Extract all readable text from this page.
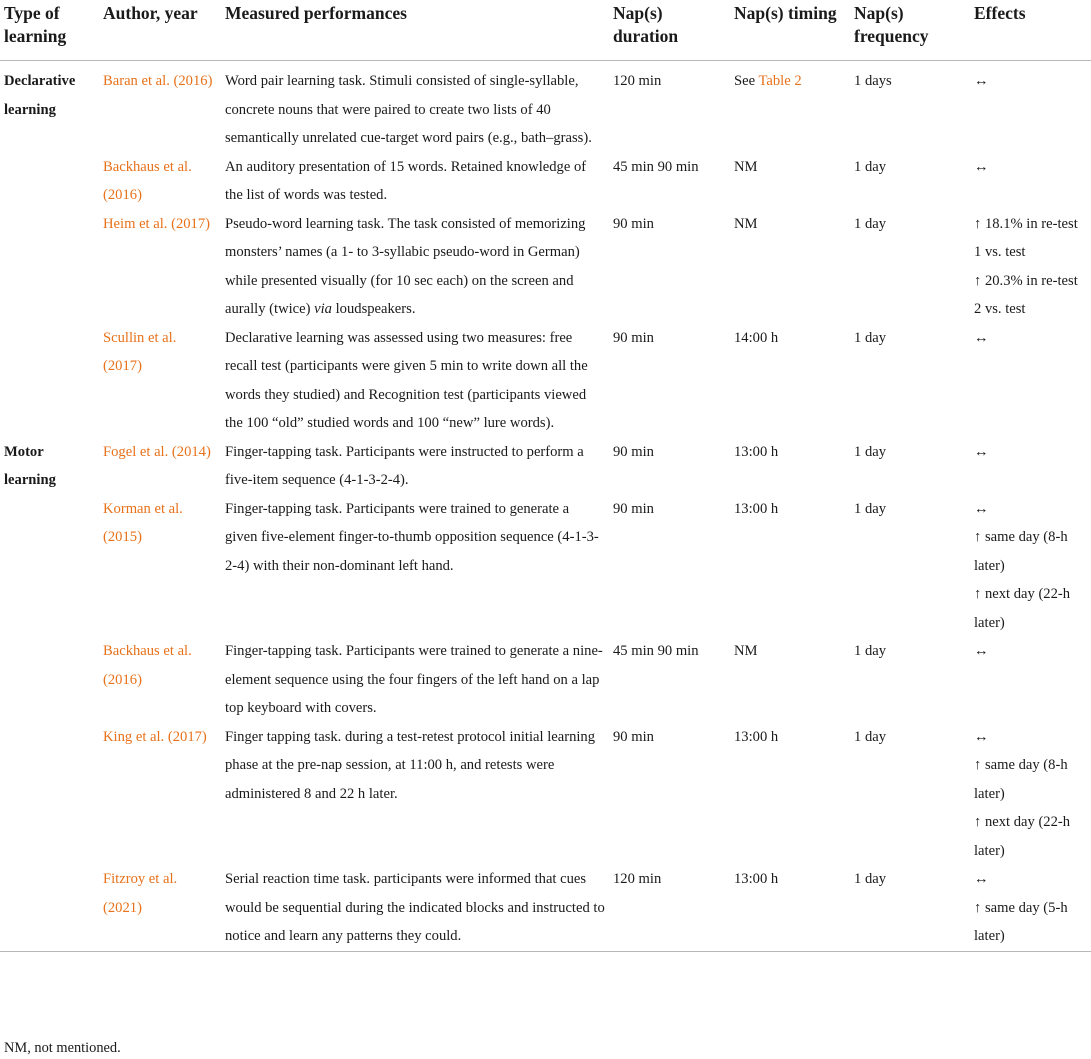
Type of learning	Author, year	Measured performances	Nap(s) duration	Nap(s) timing	Nap(s) frequency	Effects
Declarative learning	Baran et al. (2016)	Word pair learning task. Stimuli consisted of single-syllable, concrete nouns that were paired to create two lists of 40 semantically unrelated cue-target word pairs (e.g., bath–grass).	120 min	See Table 2	1 days	↔

	Backhaus et al. (2016)	An auditory presentation of 15 words. Retained knowledge of the list of words was tested.	45 min 90 min	NM	1 day	↔

	Heim et al. (2017)	Pseudo-word learning task. The task consisted of memorizing monsters’ names (a 1- to 3-syllabic pseudo-word in German) while presented visually (for 10 sec each) on the screen and aurally (twice) via loudspeakers.	90 min	NM	1 day	↑ 18.1% in re-test 1 vs. test
↑ 20.3% in re-test 2 vs. test

	Scullin et al. (2017)	Declarative learning was assessed using two measures: free recall test (participants were given 5 min to write down all the words they studied) and Recognition test (participants viewed the 100 “old” studied words and 100 “new” lure words).	90 min	14:00 h	1 day	↔

Motor learning	Fogel et al. (2014)	Finger-tapping task. Participants were instructed to perform a five-item sequence (4-1-3-2-4).	90 min	13:00 h	1 day	↔

	Korman et al. (2015)	Finger-tapping task. Participants were trained to generate a given five-element finger-to-thumb opposition sequence (4-1-3-2-4) with their non-dominant left hand.	90 min	13:00 h	1 day	↔
↑ same day (8-h later)
↑ next day (22-h later)

	Backhaus et al. (2016)	Finger-tapping task. Participants were trained to generate a nine-element sequence using the four fingers of the left hand on a lap top keyboard with covers.	45 min 90 min	NM	1 day	↔

	King et al. (2017)	Finger tapping task. during a test-retest protocol initial learning phase at the pre-nap session, at 11:00 h, and retests were administered 8 and 22 h later.	90 min	13:00 h	1 day	↔
↑ same day (8-h later)
↑ next day (22-h later)

	Fitzroy et al. (2021)	Serial reaction time task. participants were informed that cues would be sequential during the indicated blocks and instructed to notice and learn any patterns they could.	120 min	13:00 h	1 day	↔
↑ same day (5-h later)
NM, not mentioned.
